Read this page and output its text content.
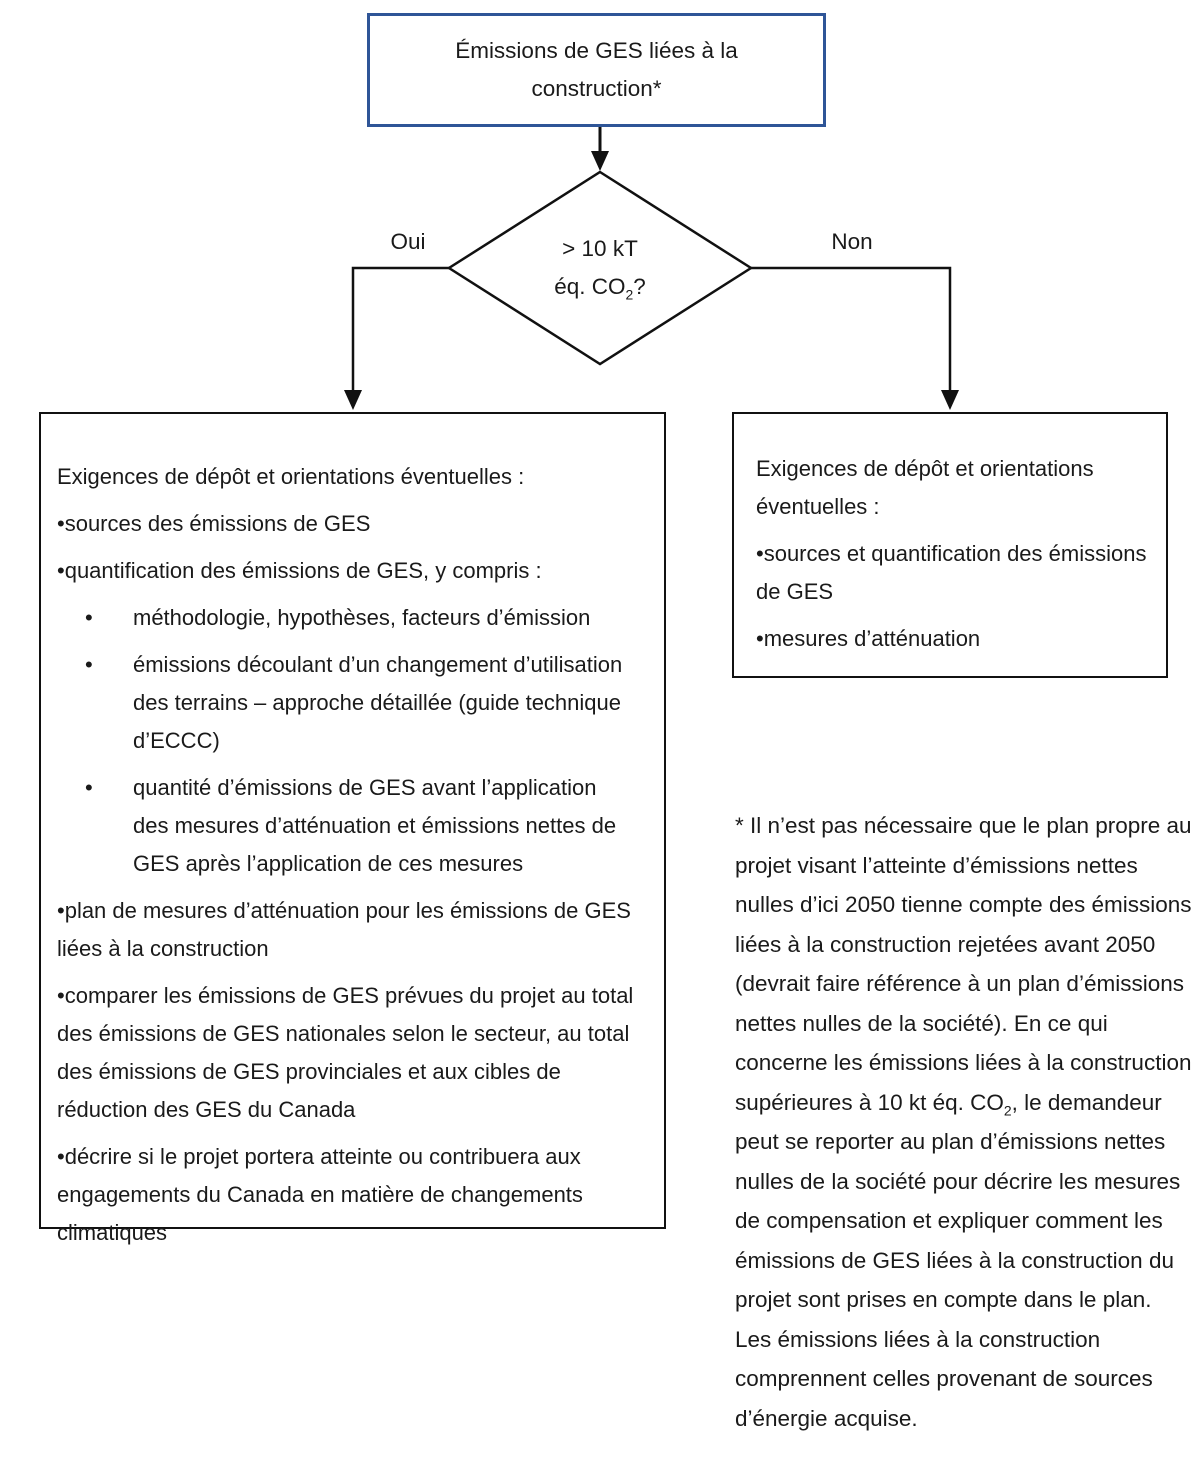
Émissions de GES liées à la construction*
> 10 kT
éq. $CO_2$?
Oui	Non

Exigences de dépôt et orientations éventuelles :

•sources des émissions de GES

•quantification des émissions de GES, y compris :

•	méthodologie, hypothèses, facteurs d’émission
•	émissions découlant d’un changement d’utilisation des terrains – approche détaillée (guide technique d’ECCC)
•	quantité d’émissions de GES avant l’application des mesures d’atténuation et émissions nettes de GES après l’application de ces mesures

•plan de mesures d’atténuation pour les émissions de GES liées à la construction

•comparer les émissions de GES prévues du projet au total des émissions de GES nationales selon le secteur, au total des émissions de GES provinciales et aux cibles de réduction des GES du Canada

•décrire si le projet portera atteinte ou contribuera aux engagements du Canada en matière de changements climatiques

Exigences de dépôt et orientations éventuelles :

•sources et quantification des émissions de GES

•mesures d’atténuation

* Il n’est pas nécessaire que le plan propre au projet visant l’atteinte d’émissions nettes nulles d’ici 2050 tienne compte des émissions liées à la construction rejetées avant 2050 (devrait faire référence à un plan d’émissions nettes nulles de la société). En ce qui concerne les émissions liées à la construction supérieures à 10 kt éq. $CO_2$, le demandeur peut se reporter au plan d’émissions nettes nulles de la société pour décrire les mesures de compensation et expliquer comment les émissions de GES liées à la construction du projet sont prises en compte dans le plan.

Les émissions liées à la construction comprennent celles provenant de sources d’énergie acquise.
